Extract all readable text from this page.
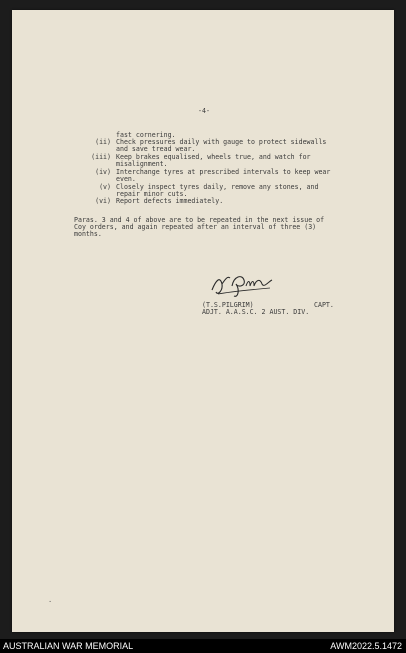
-4-
fast cornering.
(ii) Check pressures daily with gauge to protect sidewalls
and save tread wear.
(iii) Keep brakes equalised, wheels true, and watch for
misalignment.
(iv) Interchange tyres at prescribed intervals to keep wear
even.
(v) Closely inspect tyres daily, remove any stones, and
repair minor cuts.
(vi) Report defects immediately.
Paras. 3 and 4 of above are to be repeated in the next issue of
Coy orders, and again repeated after an interval of three (3)
months.
(T.S.PILGRIM)	CAPT.
ADJT. A.A.S.C. 2 AUST. DIV.
.
AUSTRALIAN WAR MEMORIAL	AWM2022.5.1472
